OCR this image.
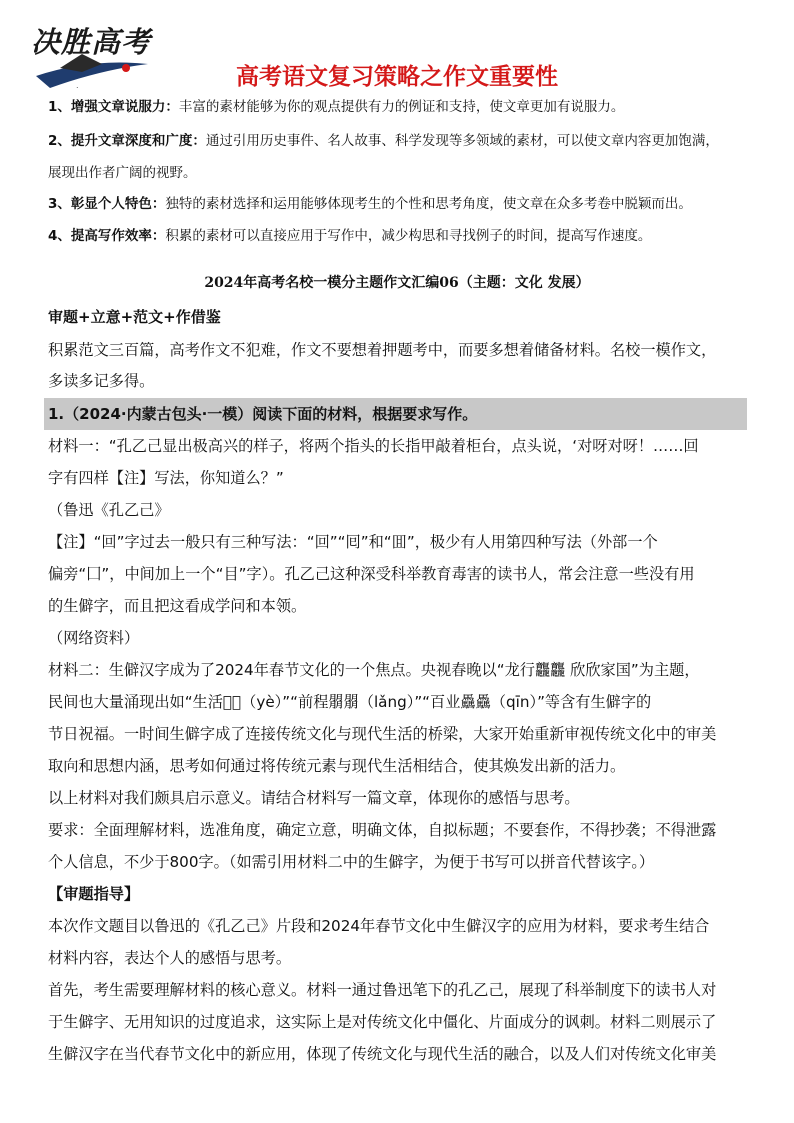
.
决胜高考
高考语文复习策略之作文重要性
1、增强文章说服力：丰富的素材能够为你的观点提供有力的例证和支持，使文章更加有说服力。
2、提升文章深度和广度：通过引用历史事件、名人故事、科学发现等多领域的素材，可以使文章内容更加饱满，
展现出作者广阔的视野。
3、彰显个人特色：独特的素材选择和运用能够体现考生的个性和思考角度，使文章在众多考卷中脱颖而出。
4、提高写作效率：积累的素材可以直接应用于写作中，减少构思和寻找例子的时间，提高写作速度。
2024年高考名校一模分主题作文汇编06（主题：文化 发展）
审题+立意+范文+作借鉴
积累范文三百篇，高考作文不犯难，作文不要想着押题考中，而要多想着储备材料。名校一模作文，
多读多记多得。
1.（2024·内蒙古包头·一模）阅读下面的材料，根据要求写作。
材料一：“孔乙己显出极高兴的样子，将两个指头的长指甲敲着柜台，点头说，‘对呀对呀！……回
字有四样【注】写法，你知道么？”
（鲁迅《孔乙己》
【注】“回”字过去一般只有三种写法：“回”“囘”和“囬”，极少有人用第四种写法（外部一个
偏旁“囗”，中间加上一个“目”字）。孔乙己这种深受科举教育毒害的读书人，常会注意一些没有用
的生僻字，而且把这看成学问和本领。
（网络资料）
材料二：生僻汉字成为了2024年春节文化的一个焦点。央视春晚以“龙行龘龘 欣欣家国”为主题，
民间也大量涌现出如“生活𬻤𬻤（yè）”“前程朤朤（lǎng）”“百业驫驫（qīn）”等含有生僻字的
节日祝福。一时间生僻字成了连接传统文化与现代生活的桥梁，大家开始重新审视传统文化中的审美
取向和思想内涵，思考如何通过将传统元素与现代生活相结合，使其焕发出新的活力。
以上材料对我们颇具启示意义。请结合材料写一篇文章，体现你的感悟与思考。
要求：全面理解材料，选准角度，确定立意，明确文体，自拟标题；不要套作，不得抄袭；不得泄露
个人信息，不少于800字。（如需引用材料二中的生僻字，为便于书写可以拼音代替该字。）
【审题指导】
本次作文题目以鲁迅的《孔乙己》片段和2024年春节文化中生僻汉字的应用为材料，要求考生结合
材料内容，表达个人的感悟与思考。
首先，考生需要理解材料的核心意义。材料一通过鲁迅笔下的孔乙己，展现了科举制度下的读书人对
于生僻字、无用知识的过度追求，这实际上是对传统文化中僵化、片面成分的讽刺。材料二则展示了
生僻汉字在当代春节文化中的新应用，体现了传统文化与现代生活的融合，以及人们对传统文化审美
